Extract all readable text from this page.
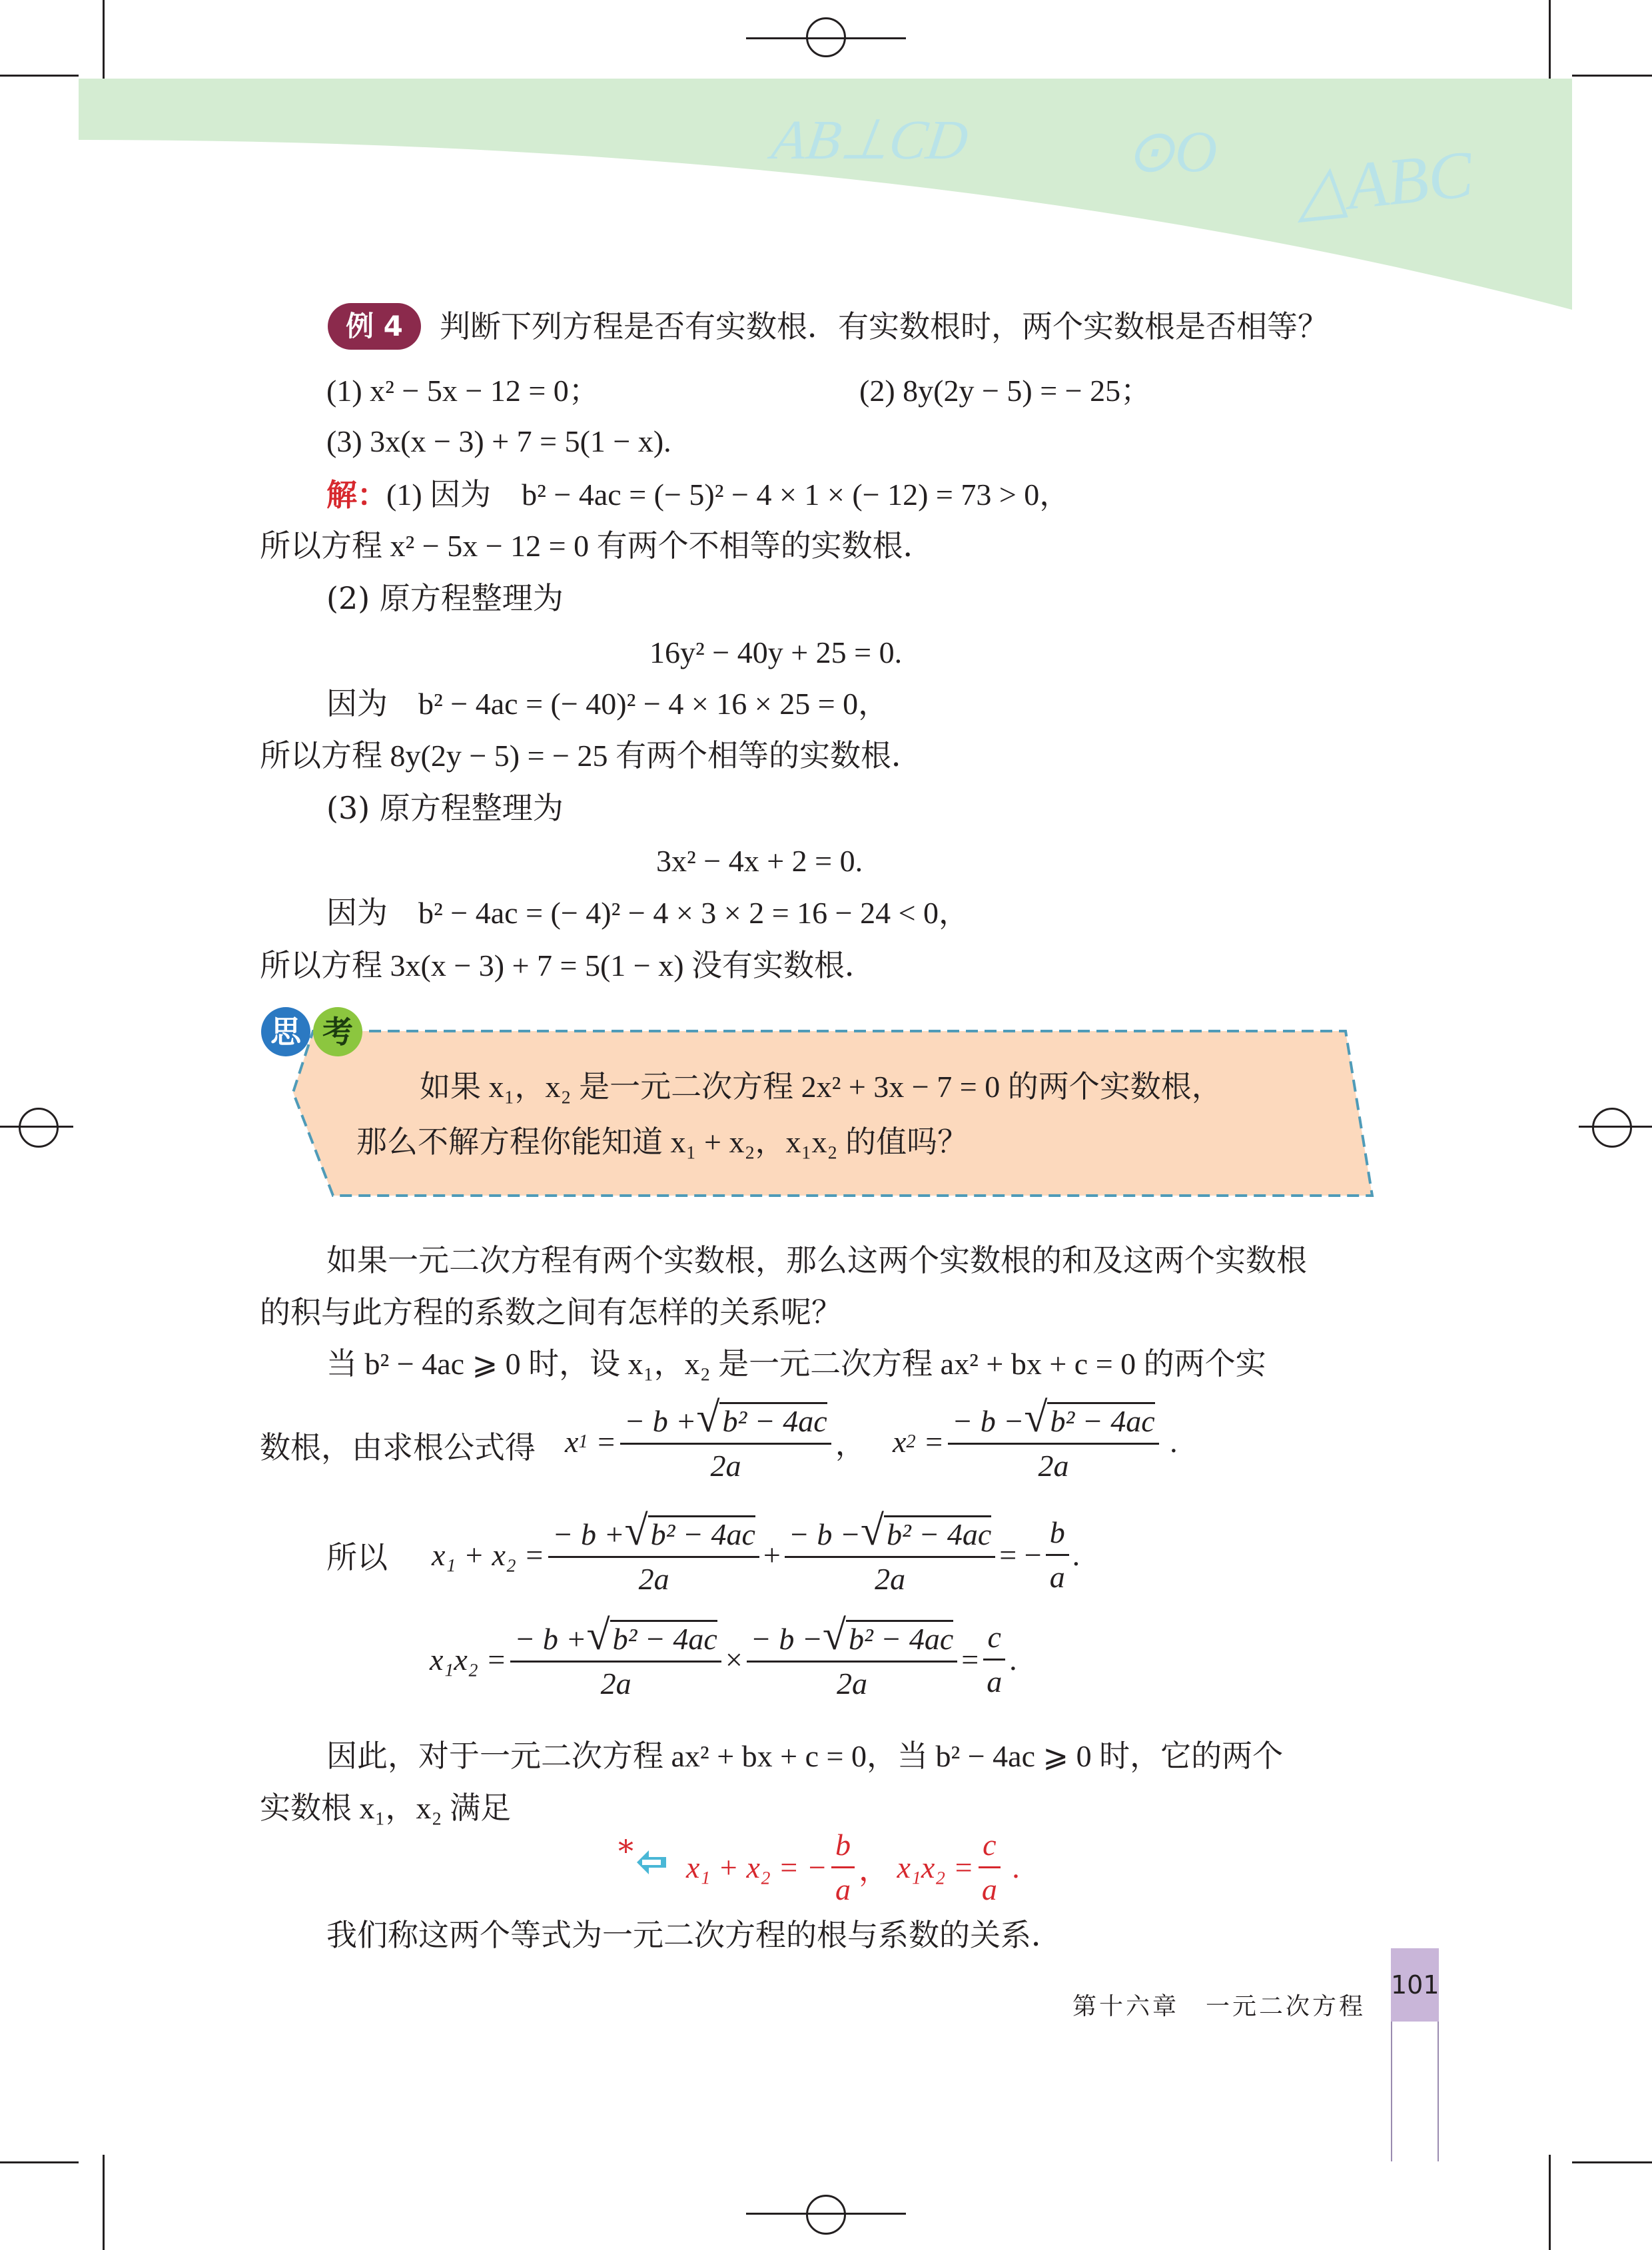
AB⊥CD	⊙O △ABC
例 4	判断下列方程是否有实数根．有实数根时，两个实数根是否相等？
(1) x² − 5x − 12 = 0；	(2) 8y(2y − 5) = − 25；
(3) 3x(x − 3) + 7 = 5(1 − x).
解：
(1) 因为　b² − 4ac = (− 5)² − 4 × 1 × (− 12) = 73 > 0，
所以方程 x² − 5x − 12 = 0 有两个不相等的实数根．
(2) 原方程整理为
16y² − 40y + 25 = 0.
因为　b² − 4ac = (− 40)² − 4 × 16 × 25 = 0，
所以方程 8y(2y − 5) = − 25 有两个相等的实数根．
(3) 原方程整理为
3x² − 4x + 2 = 0.
因为　b² − 4ac = (− 4)² − 4 × 3 × 2 = 16 − 24 < 0，
所以方程 3x(x − 3) + 7 = 5(1 − x) 没有实数根．
思 考
如果 x₁，x₂ 是一元二次方程 2x² + 3x − 7 = 0 的两个实数根，
那么不解方程你能知道 x₁ + x₂，x₁x₂ 的值吗？
如果一元二次方程有两个实数根，那么这两个实数根的和及这两个实数根
的积与此方程的系数之间有怎样的关系呢？
当 b² − 4ac ⩾ 0 时，设 x₁，x₂ 是一元二次方程 ax² + bx + c = 0 的两个实
数根，由求根公式得 x $1 = \frac{\text{− b +√b² − 4ac}}{2a}$ ， x $2 = \frac{\text{− b −√b² − 4ac}}{2a}$ .
所以 $x_1 + x_2 = \frac{\text{− b +√b² − 4ac}}{2a} + \frac{\text{− b −√b² − 4ac}}{2a}$ = − $\frac{b}{a}$ .
$x_1x_2 = \frac{\text{− b +√b² − 4ac}}{2a} \times \frac{\text{− b −√b² − 4ac}}{2a} = \frac{c}{a}$ .
因此，对于一元二次方程 ax² + bx + c = 0，当 b² − 4ac ⩾ 0 时，它的两个
实数根 x₁，x₂ 满足
* x₁ + x₂ =
− $\frac{b}{a}$ ，
$x_1x_2 = \frac{c}{a}$ .
我们称这两个等式为一元二次方程的根与系数的关系．
第十六章　一元二次方程
101
